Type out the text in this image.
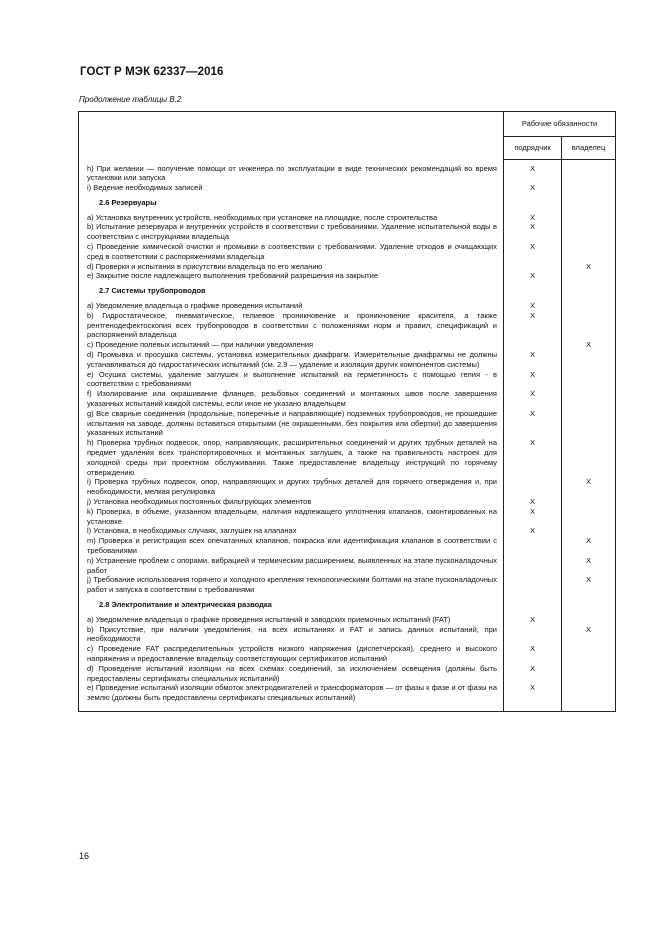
ГОСТ Р МЭК 62337—2016
Продолжение таблицы В.2
	Рабочие обязанности	
	подрядчик	владелец
h) При желании — получение помощи от инженера по эксплуатации в виде технических рекомендаций во время установки или запуска	X	
i) Ведение необходимых записей	X	
2.6 Резервуары		
a) Установка внутренних устройств, необходимых при установке на площадке, после строительства	X	
b) Испытание резервуара и внутренних устройств в соответствии с требованиями. Удаление испытательной воды в соответствии с инструкциями владельца	X	
c) Проведение химической очистки и промывки в соответствии с требованиями. Удаление отходов и очищающих сред в соответствии с распоряжениями владельца	X	
d) Проверки и испытания в присутствии владельца по его желанию		X
e) Закрытие после надлежащего выполнения требований разрешения на закрытие	X	
2.7 Системы трубопроводов		
a) Уведомление владельца о графике проведения испытаний	X	
b) Гидростатическое, пневматическое, гелиевое проникновение и проникновение красителя, а также рентгенодефектоскопия всех трубопроводов в соответствии с положениями норм и правил, спецификаций и распоряжений владельца	X	
c) Проведение полевых испытаний — при наличии уведомления		X
d) Промывка и просушка системы, установка измерительных диафрагм. Измерительные диафрагмы не должны устанавливаться до гидростатических испытаний (см. 2.9 — удаление и изоляция других компонентов системы)	X	
e) Осушка системы, удаление заглушек и выполнение испытаний на герметичность с помощью гелия - в соответствии с требованиями	X	
f) Изолирование или окрашивание фланцев, резьбовых соединений и монтажных швов после завершения указанных испытаний каждой системы, если иное не указано владельцем	X	
g) Все сварные соединения (продольные, поперечные и направляющие) подземных трубопроводов, не прошедшие испытания на заводе, должны оставаться открытыми (не окрашенными, без покрытия или обертки) до завершения указанных испытаний	X	
h) Проверка трубных подвесок, опор, направляющих, расширительных соединений и других трубных деталей на предмет удаления всех транспортировочных и монтажных заглушек, а также на правильность настроек для холодной среды при проектном обслуживании. Также предоставление владельцу инструкций по горячему отверждению	X	
i) Проверка трубных подвесок, опор, направляющих и других трубных деталей для горячего отверждения и, при необходимости, мелкая регулировка		X
j) Установка необходимых постоянных фильтрующих элементов	X	
k) Проверка, в объеме, указанном владельцем, наличия надлежащего уплотнения клапанов, смонтированных на установке	X	
l) Установка, в необходимых случаях, заглушек на клапанах	X	
m) Проверка и регистрация всех опечатанных клапанов, покраска или идентификация клапанов в соответствии с требованиями		X
n) Устранение проблем с опорами, вибрацией и термическим расширением, выявленных на этапе пусконаладочных работ		X
j) Требование использования горячего и холодного крепления технологическими болтами на этапе пусконаладочных работ и запуска в соответствии с требованиями		X
2.8 Электропитание и электрическая разводка		
a) Уведомление владельца о графике проведения испытаний и заводских приемочных испытаний (FAT)	X	
b) Присутствие, при наличии уведомления, на всех испытаниях и FAT и запись данных испытаний, при необходимости		X
c) Проведение FAT распределительных устройств низкого напряжения (диспетчерская), среднего и высокого напряжения и предоставление владельцу соответствующих сертификатов испытаний	X	
d) Проведение испытаний изоляции на всех схемах соединений, за исключением освещения (должны быть предоставлены сертификаты специальных испытаний)	X	
e) Проведение испытаний изоляции обмоток электродвигателей и трансформаторов — от фазы к фазе и от фазы на землю (должны быть предоставлены сертификаты специальных испытаний)	X	
16
